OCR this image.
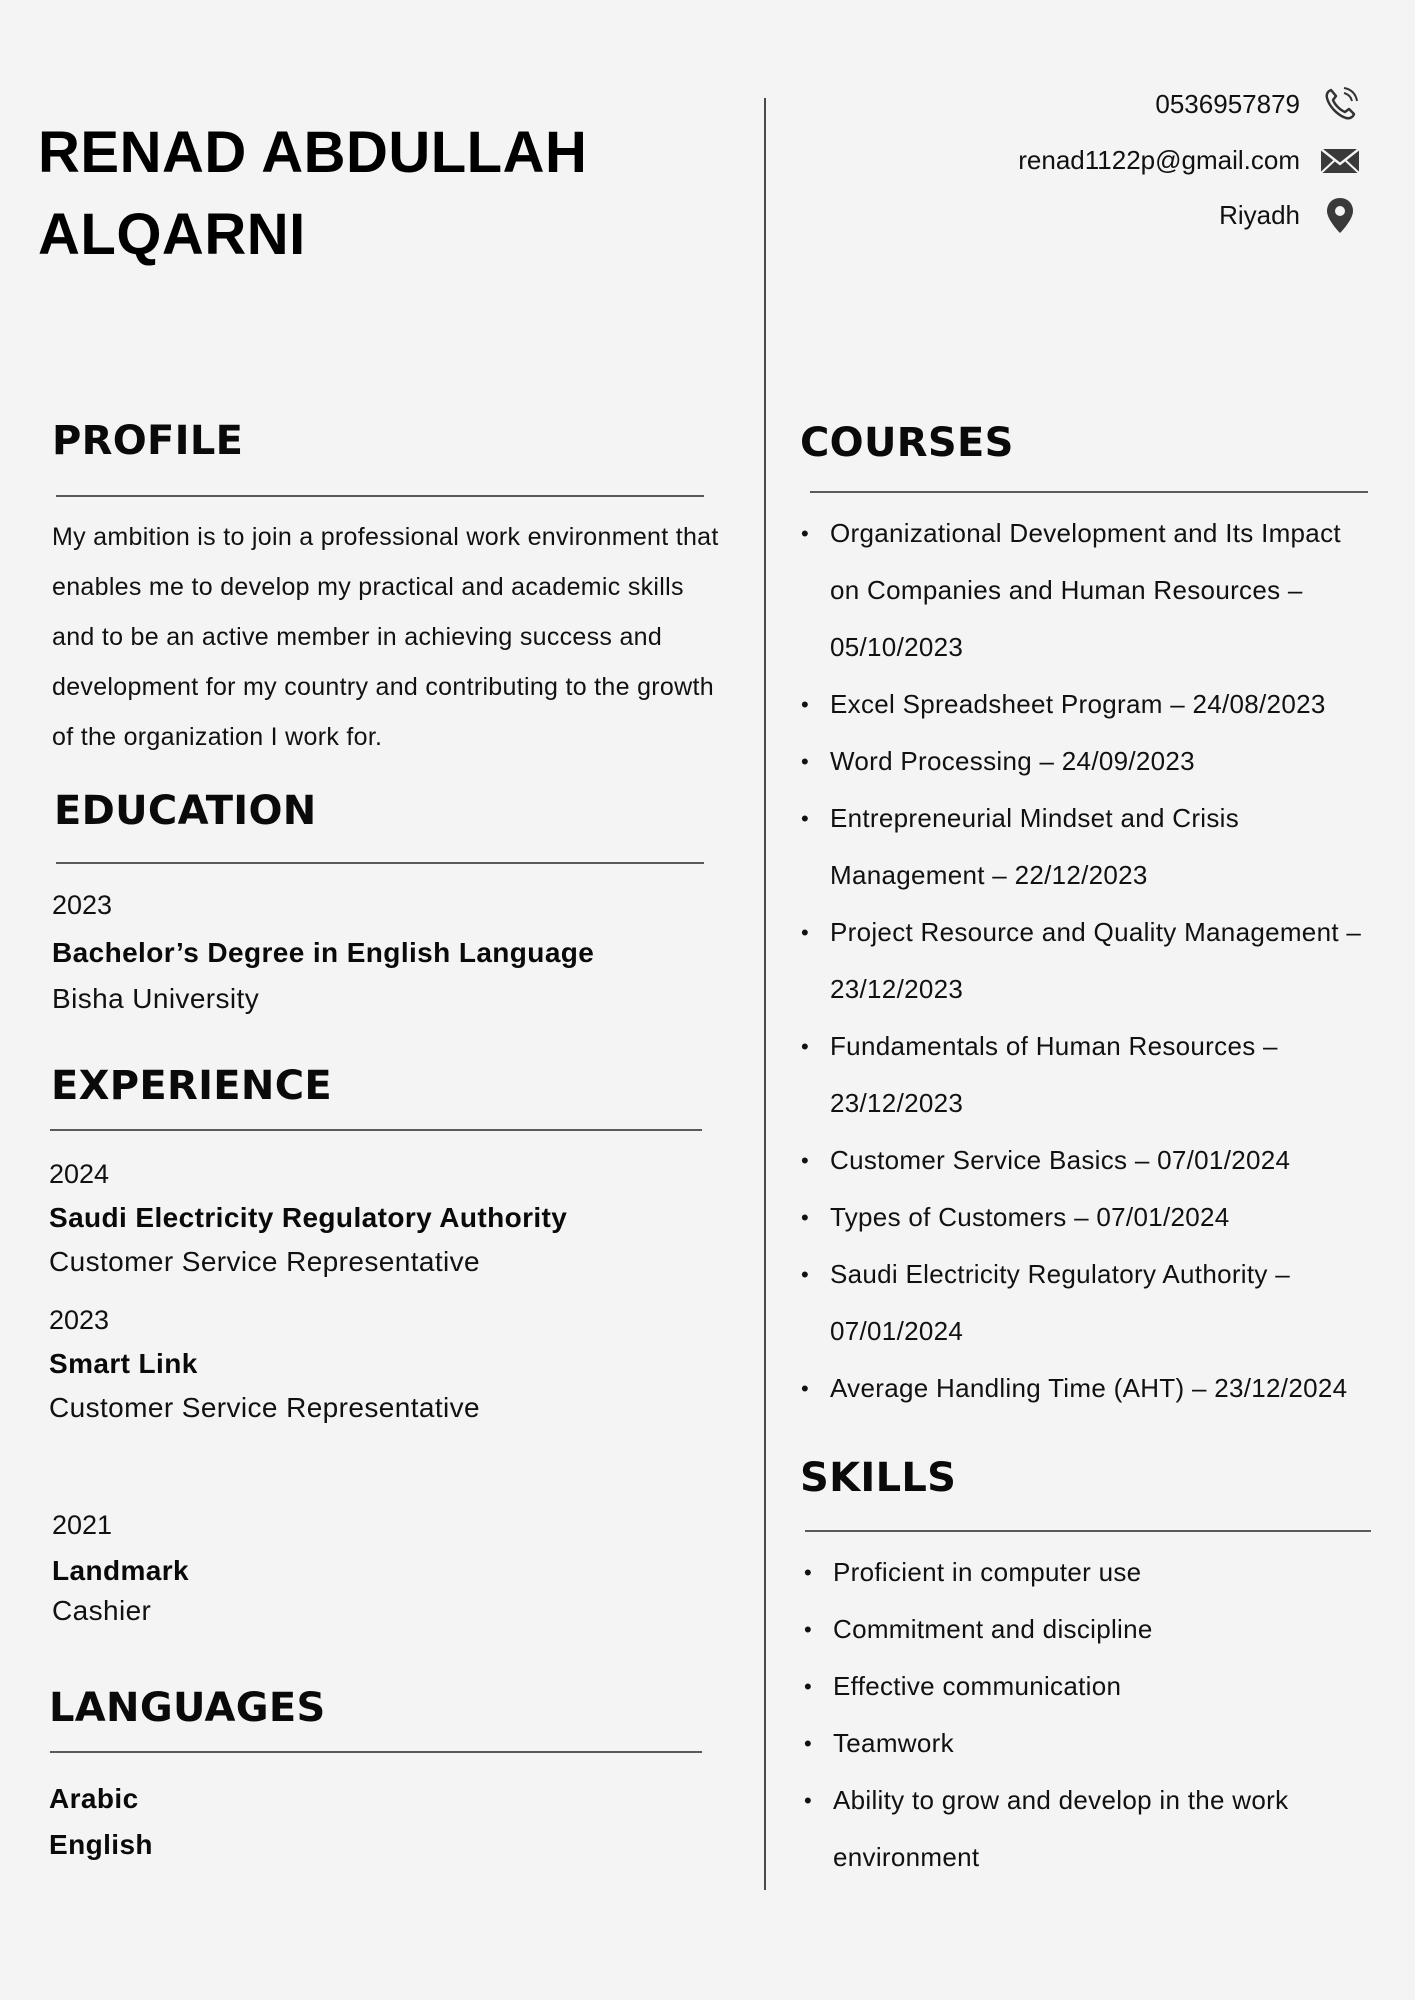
RENAD ABDULLAH
ALQARNI
0536957879
renad1122p@gmail.com
Riyadh
PROFILE
My ambition is to join a professional work environment that enables me to develop my practical and academic skills and to be an active member in achieving success and development for my country and contributing to the growth of the organization I work for.
EDUCATION
2023
Bachelor’s Degree in English Language
Bisha University
EXPERIENCE
2024
Saudi Electricity Regulatory Authority
Customer Service Representative
2023
Smart Link
Customer Service Representative
2021
Landmark
Cashier
LANGUAGES
Arabic
English
COURSES
• Organizational Development and Its Impact on Companies and Human Resources – 05/10/2023
• Excel Spreadsheet Program – 24/08/2023
• Word Processing – 24/09/2023
• Entrepreneurial Mindset and Crisis Management – 22/12/2023
• Project Resource and Quality Management – 23/12/2023
• Fundamentals of Human Resources – 23/12/2023
• Customer Service Basics – 07/01/2024
• Types of Customers – 07/01/2024
• Saudi Electricity Regulatory Authority – 07/01/2024
• Average Handling Time (AHT) – 23/12/2024
SKILLS
• Proficient in computer use
• Commitment and discipline
• Effective communication
• Teamwork
• Ability to grow and develop in the work environment
